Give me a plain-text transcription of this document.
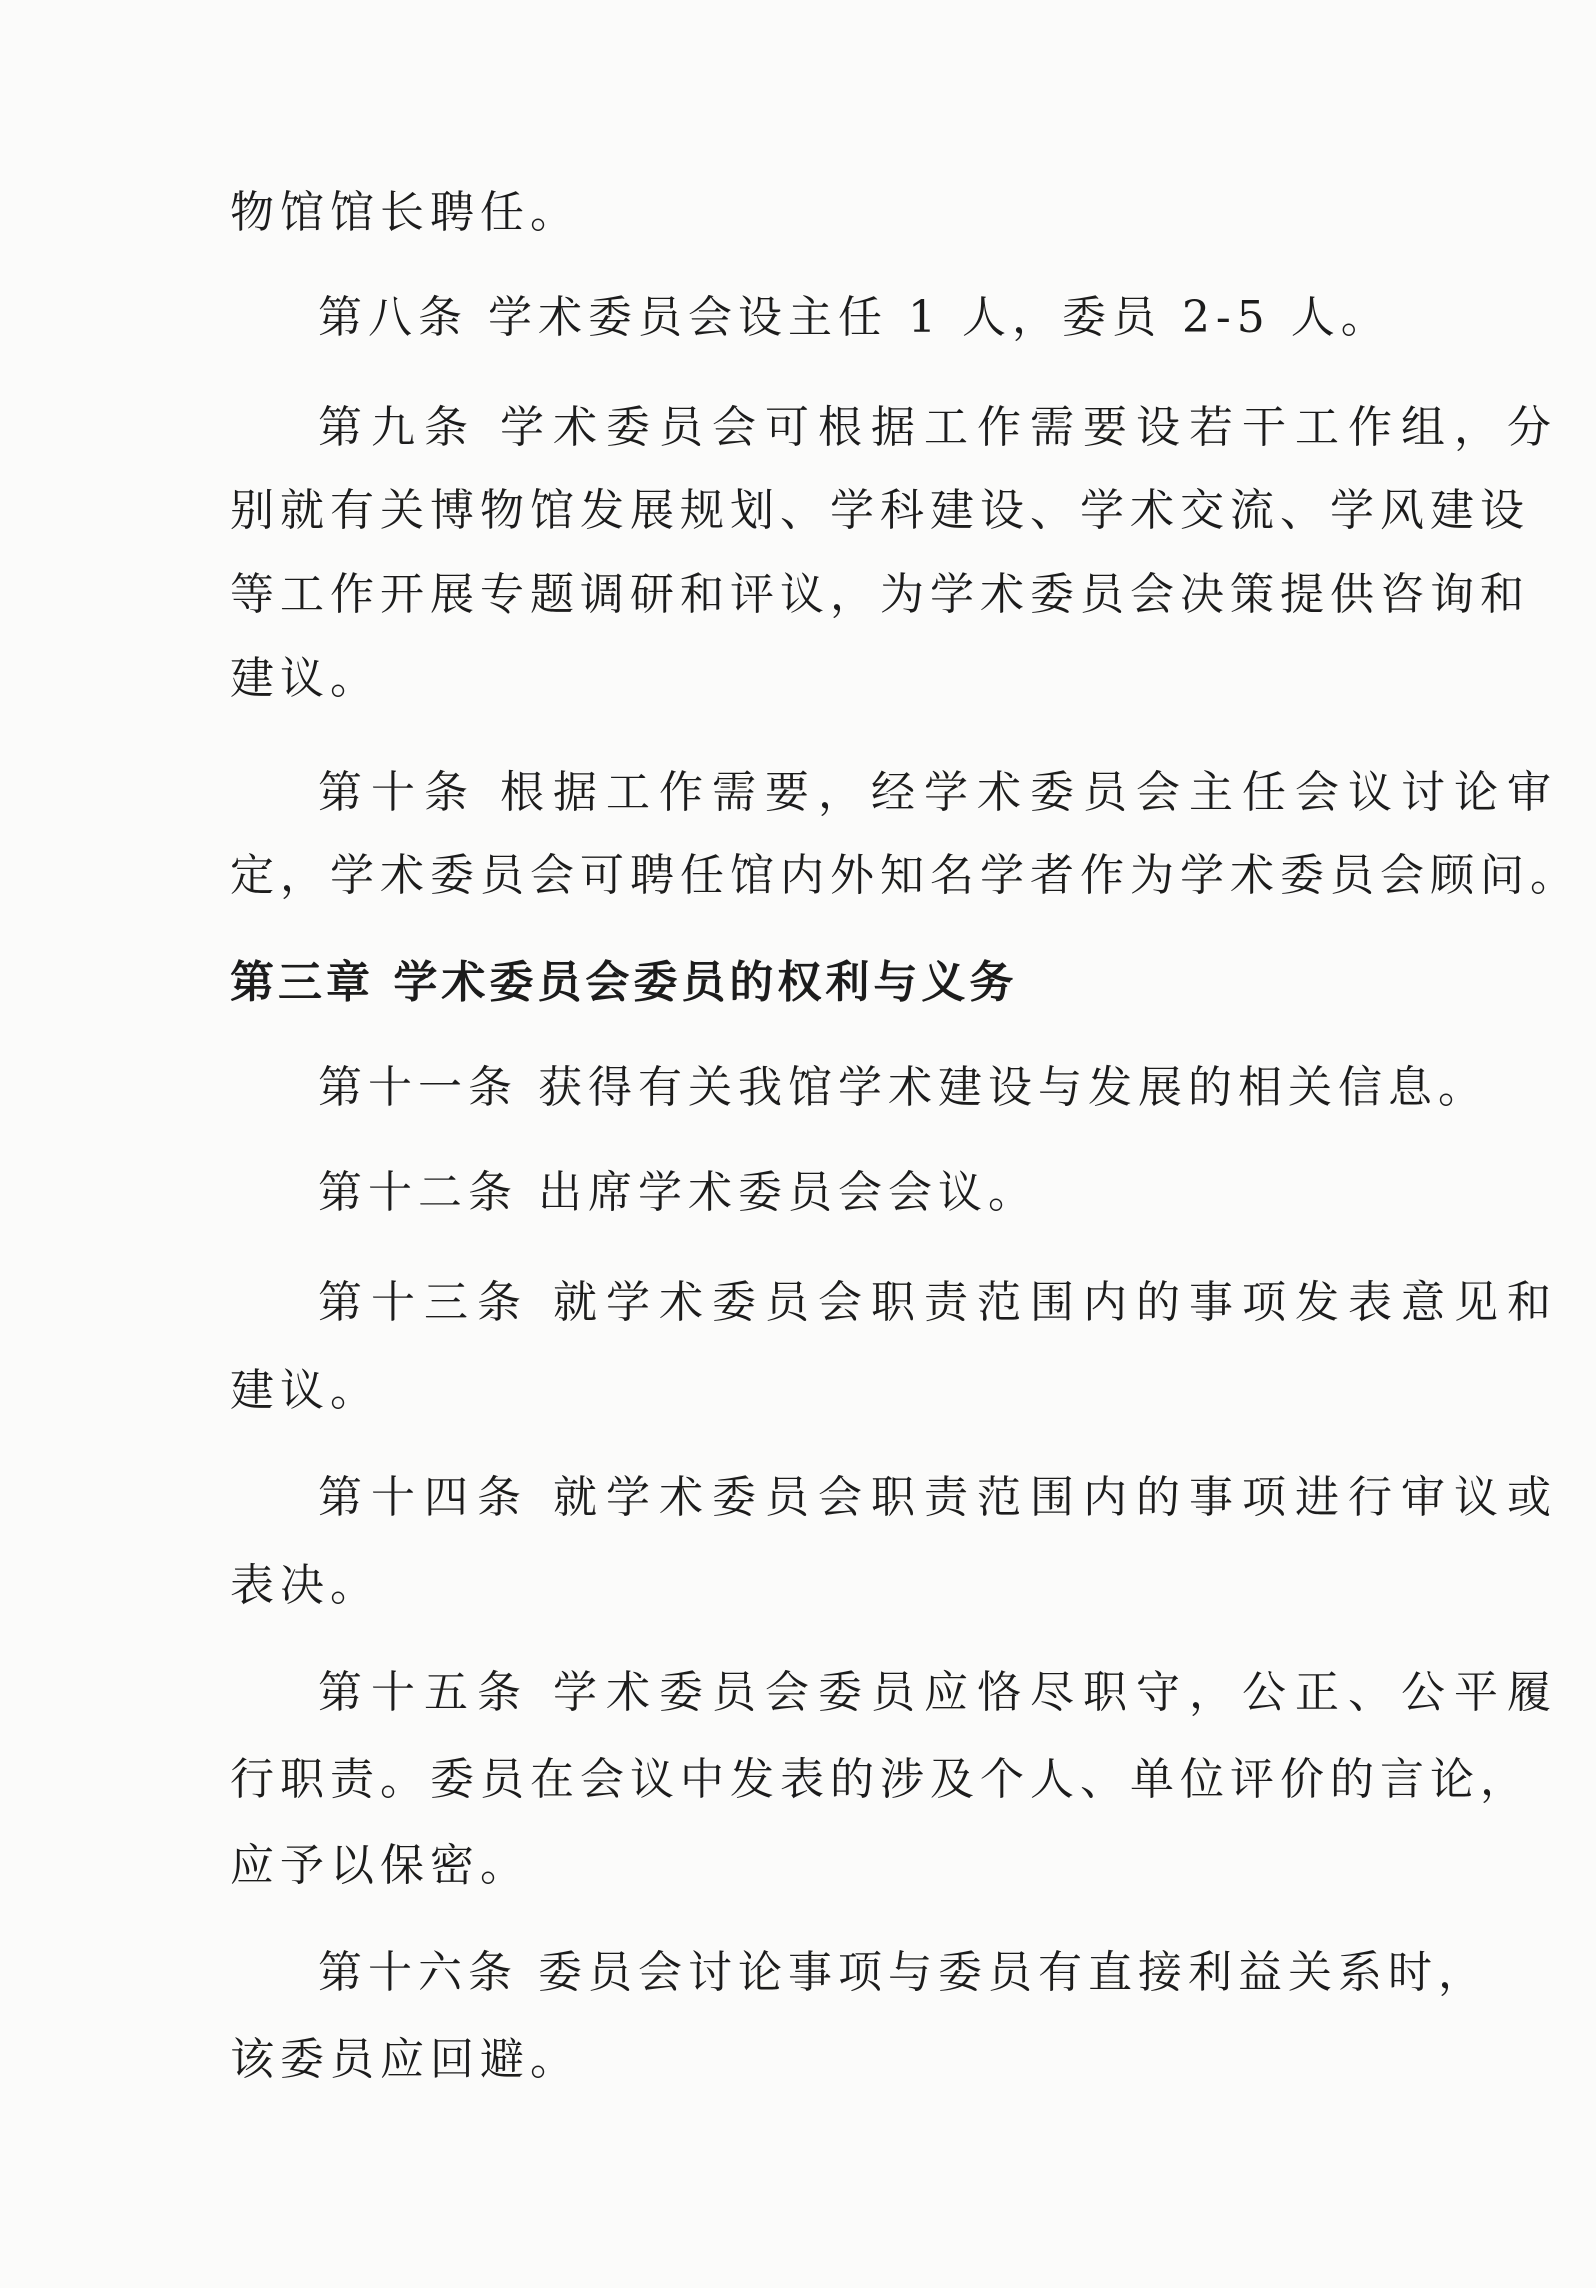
物馆馆长聘任。

第八条 学术委员会设主任 1 人，委员 2-5 人。

第九条 学术委员会可根据工作需要设若干工作组，分

别就有关博物馆发展规划、学科建设、学术交流、学风建设

等工作开展专题调研和评议，为学术委员会决策提供咨询和

建议。

第十条 根据工作需要，经学术委员会主任会议讨论审

定，学术委员会可聘任馆内外知名学者作为学术委员会顾问。

第三章 学术委员会委员的权利与义务

第十一条 获得有关我馆学术建设与发展的相关信息。

第十二条 出席学术委员会会议。

第十三条 就学术委员会职责范围内的事项发表意见和

建议。

第十四条 就学术委员会职责范围内的事项进行审议或

表决。

第十五条 学术委员会委员应恪尽职守，公正、公平履

行职责。委员在会议中发表的涉及个人、单位评价的言论，

应予以保密。

第十六条 委员会讨论事项与委员有直接利益关系时，

该委员应回避。
